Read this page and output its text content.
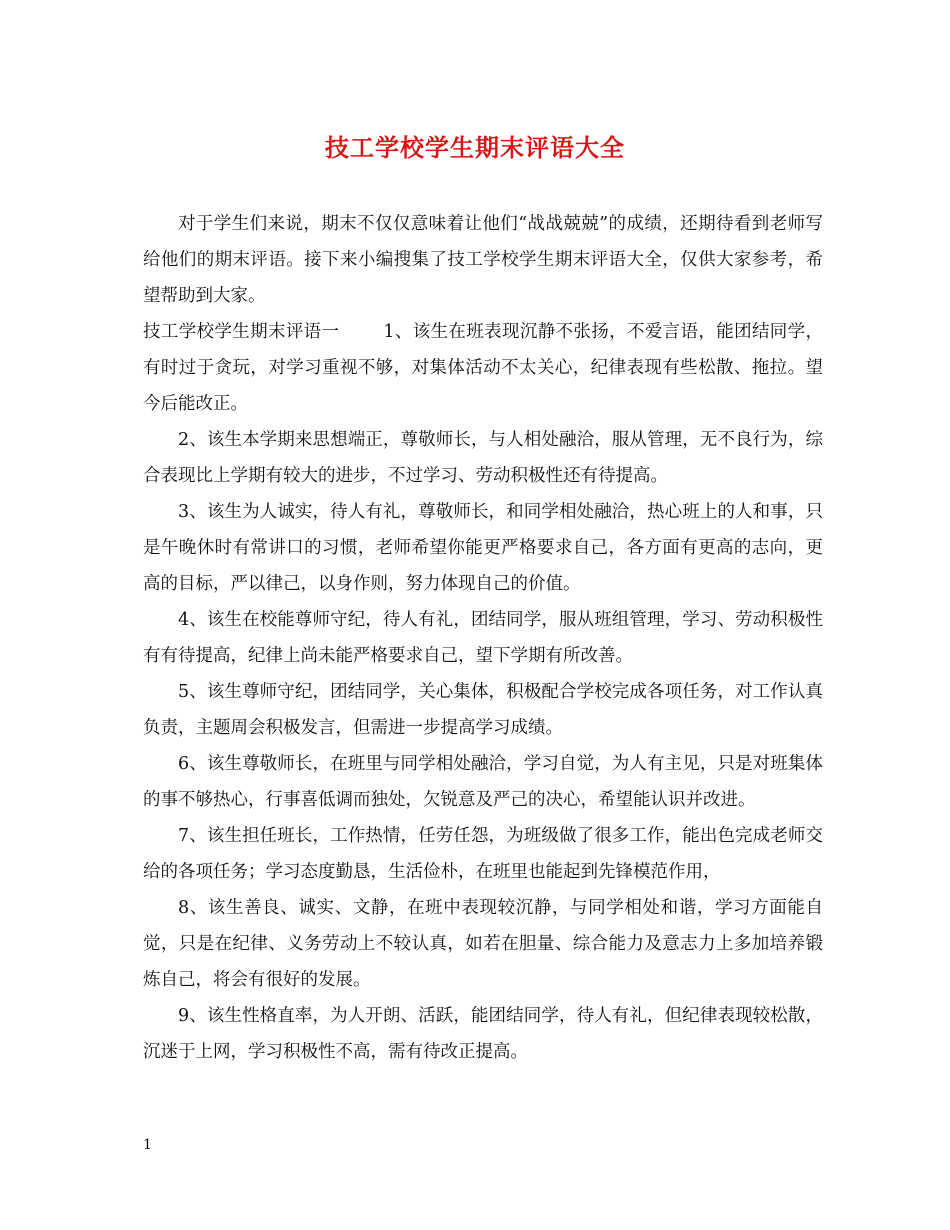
技工学校学生期末评语大全

对于学生们来说，期末不仅仅意味着让他们“战战兢兢”的成绩，还期待看到老师写给他们的期末评语。接下来小编搜集了技工学校学生期末评语大全，仅供大家参考，希望帮助到大家。

技工学校学生期末评语一	1、该生在班表现沉静不张扬，不爱言语，能团结同学，有时过于贪玩，对学习重视不够，对集体活动不太关心，纪律表现有些松散、拖拉。望今后能改正。

2、该生本学期来思想端正，尊敬师长，与人相处融洽，服从管理，无不良行为，综合表现比上学期有较大的进步，不过学习、劳动积极性还有待提高。

3、该生为人诚实，待人有礼，尊敬师长，和同学相处融洽，热心班上的人和事，只是午晚休时有常讲口的习惯，老师希望你能更严格要求自己，各方面有更高的志向，更高的目标，严以律己，以身作则，努力体现自己的价值。

4、该生在校能尊师守纪，待人有礼，团结同学，服从班组管理，学习、劳动积极性有有待提高，纪律上尚未能严格要求自己，望下学期有所改善。

5、该生尊师守纪，团结同学，关心集体，积极配合学校完成各项任务，对工作认真负责，主题周会积极发言，但需进一步提高学习成绩。

6、该生尊敬师长，在班里与同学相处融洽，学习自觉，为人有主见，只是对班集体的事不够热心，行事喜低调而独处，欠锐意及严己的决心，希望能认识并改进。

7、该生担任班长，工作热情，任劳任怨，为班级做了很多工作，能出色完成老师交给的各项任务；学习态度勤恳，生活俭朴，在班里也能起到先锋模范作用，

8、该生善良、诚实、文静，在班中表现较沉静，与同学相处和谐，学习方面能自觉，只是在纪律、义务劳动上不较认真，如若在胆量、综合能力及意志力上多加培养锻炼自己，将会有很好的发展。

9、该生性格直率，为人开朗、活跃，能团结同学，待人有礼，但纪律表现较松散，沉迷于上网，学习积极性不高，需有待改正提高。

1
